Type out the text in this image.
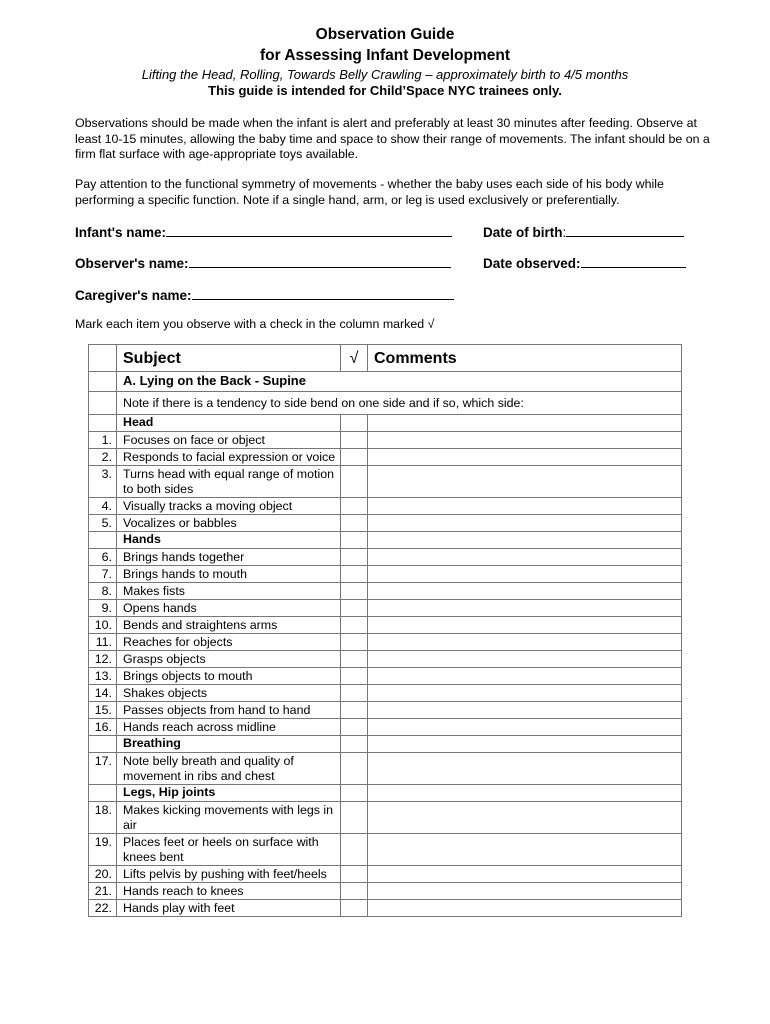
Observation Guide
for Assessing Infant Development
Lifting the Head, Rolling, Towards Belly Crawling – approximately birth to 4/5 months
This guide is intended for Child’Space NYC trainees only.
Observations should be made when the infant is alert and preferably at least 30 minutes after feeding. Observe at least 10-15 minutes, allowing the baby time and space to show their range of movements. The infant should be on a firm flat surface with age-appropriate toys available.
Pay attention to the functional symmetry of movements - whether the baby uses each side of his body while performing a specific function. Note if a single hand, arm, or leg is used exclusively or preferentially.
Infant's name:	Date of birth:
Observer's name:	Date observed:
Caregiver's name:
Mark each item you observe with a check in the column marked √
	Subject	√	Comments
	A. Lying on the Back - Supine		
	Note if there is a tendency to side bend on one side and if so, which side:		
	Head		
1.	Focuses on face or object		
2.	Responds to facial expression or voice		
3.	Turns head with equal range of motion to both sides		
4.	Visually tracks a moving object		
5.	Vocalizes or babbles		
	Hands		
6.	Brings hands together		
7.	Brings hands to mouth		
8.	Makes fists		
9.	Opens hands		
10.	Bends and straightens arms		
11.	Reaches for objects		
12.	Grasps objects		
13.	Brings objects to mouth		
14.	Shakes objects		
15.	Passes objects from hand to hand		
16.	Hands reach across midline		
	Breathing		
17.	Note belly breath and quality of movement in ribs and chest		
	Legs, Hip joints		
18.	Makes kicking movements with legs in air		
19.	Places feet or heels on surface with knees bent		
20.	Lifts pelvis by pushing with feet/heels		
21.	Hands reach to knees		
22.	Hands play with feet		
